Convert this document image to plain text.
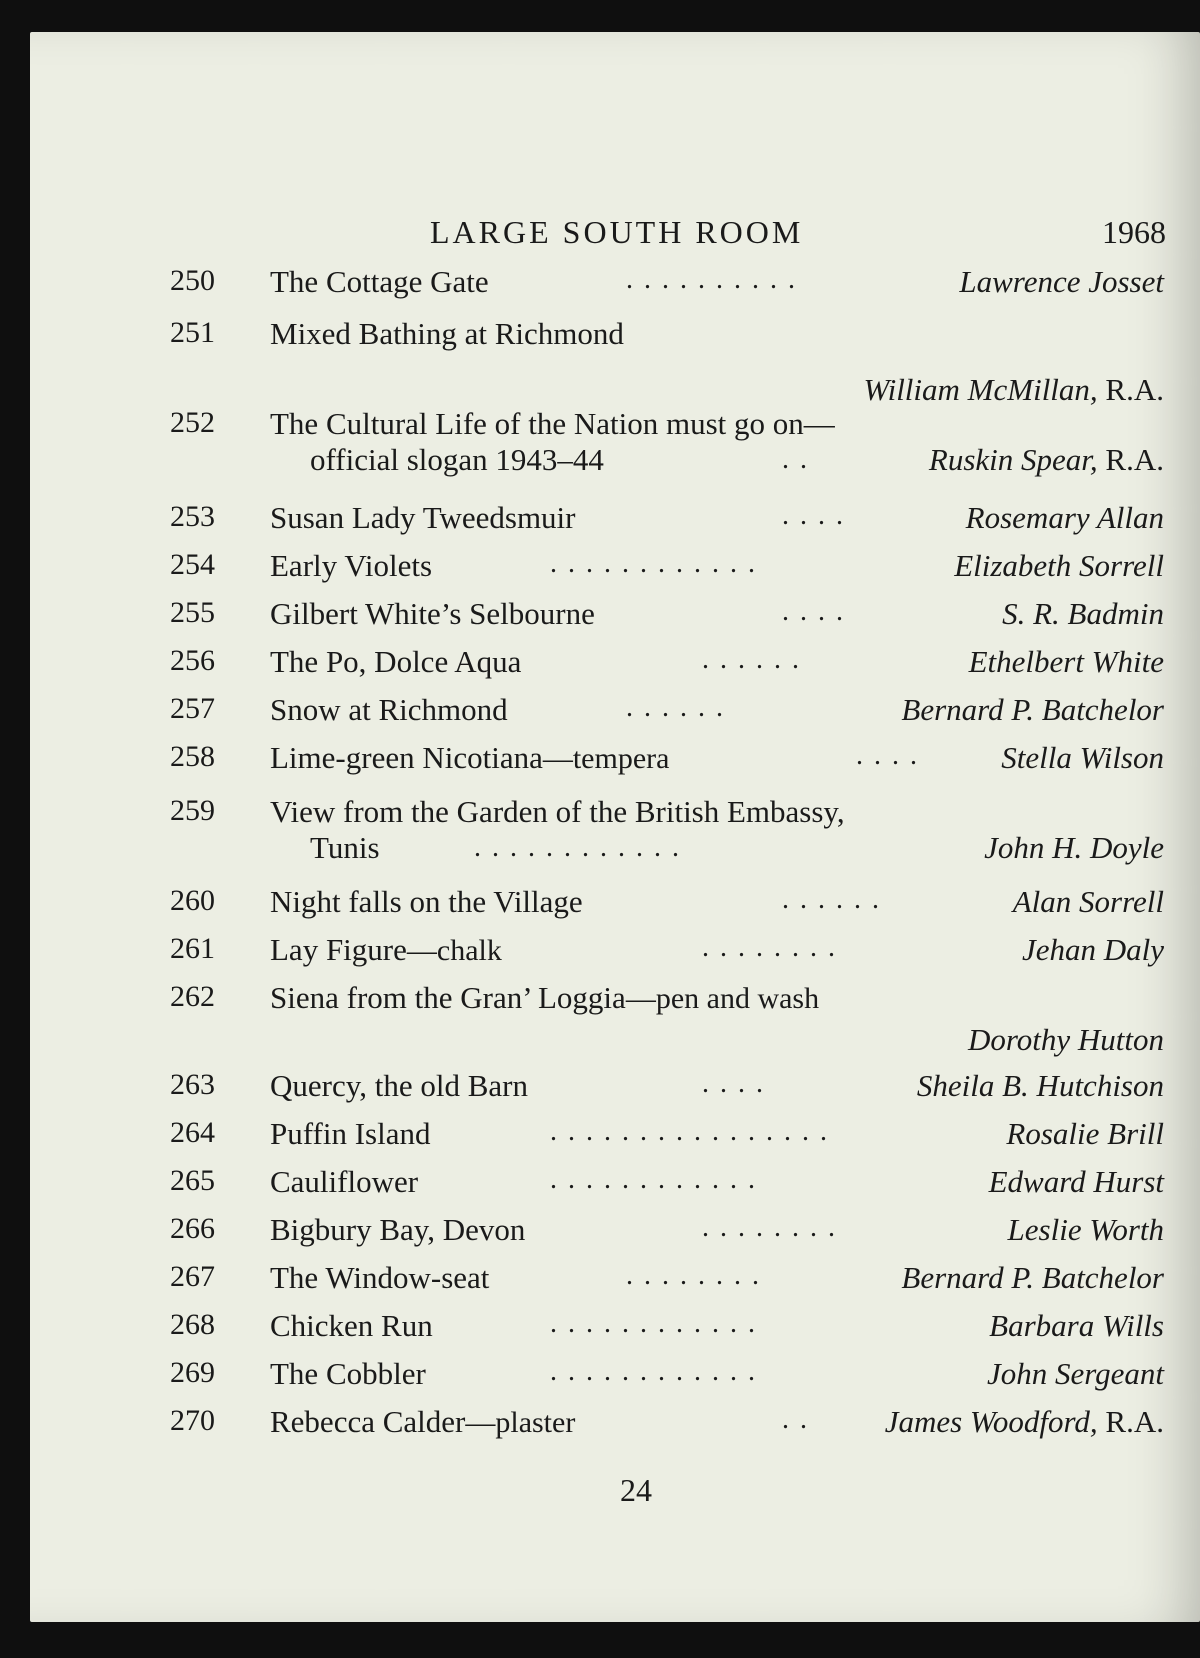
LARGE SOUTH ROOM	1968
250	The Cottage Gate	. . . . . . . . . .	Lawrence Josset
251	Mixed Bathing at Richmond
William McMillan, R.A.
252	The Cultural Life of the Nation must go on—
official slogan 1943–44	. .	Ruskin Spear, R.A.
253	Susan Lady Tweedsmuir	. . . .	Rosemary Allan
254	Early Violets	. . . . . . . . . . . .	Elizabeth Sorrell
255	Gilbert White’s Selbourne	. . . .	S. R. Badmin
256	The Po, Dolce Aqua	. . . . . .	Ethelbert White
257	Snow at Richmond	. . . . . .	Bernard P. Batchelor
258	Lime-green Nicotiana—tempera	. . . .	Stella Wilson
259	View from the Garden of the British Embassy,
Tunis	. . . . . . . . . . . .	John H. Doyle
260	Night falls on the Village	. . . . . .	Alan Sorrell
261	Lay Figure—chalk	. . . . . . . .	Jehan Daly
262	Siena from the Gran’ Loggia—pen and wash
Dorothy Hutton
263	Quercy, the old Barn	. . . .	Sheila B. Hutchison
264	Puffin Island	. . . . . . . . . . . . . . . .	Rosalie Brill
265	Cauliflower	. . . . . . . . . . . .	Edward Hurst
266	Bigbury Bay, Devon	. . . . . . . .	Leslie Worth
267	The Window-seat	. . . . . . . .	Bernard P. Batchelor
268	Chicken Run	. . . . . . . . . . . .	Barbara Wills
269	The Cobbler	. . . . . . . . . . . .	John Sergeant
270	Rebecca Calder—plaster	. . James Woodford, R.A.
24
